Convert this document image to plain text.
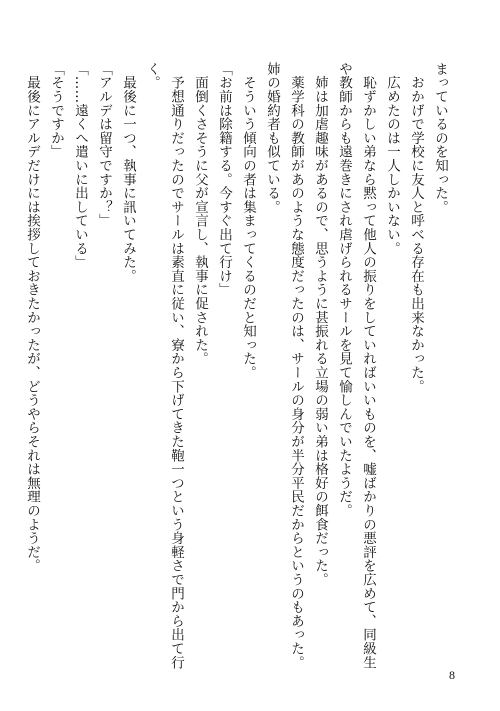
まっているのを知った。
　おかげで学校に友人と呼べる存在も出来なかった。
　広めたのは一人しかいない。
　恥ずかしい弟なら黙って他人の振りをしていればいいものを、嘘ばかりの悪評を広めて、同級生
や教師からも遠巻きにされ虐げられるサールを見て愉しんでいたようだ。
　姉は加虐趣味があるので、思うように甚振れる立場の弱い弟は格好の餌食だった。
　薬学科の教師があのような態度だったのは、サールの身分が半分平民だからというのもあった。
姉の婚約者も似ている。
　そういう傾向の者は集まってくるのだと知った。
「お前は除籍する。今すぐ出て行け」
　面倒くさそうに父が宣言し、執事に促された。
　予想通りだったのでサールは素直に従い、寮から下げてきた鞄一つという身軽さで門から出て行
く。
　最後に一つ、執事に訊いてみた。
「アルデは留守ですか？」
「……遠くへ遣いに出している」
「そうですか」
　最後にアルデだけには挨拶しておきたかったが、どうやらそれは無理のようだ。
8
